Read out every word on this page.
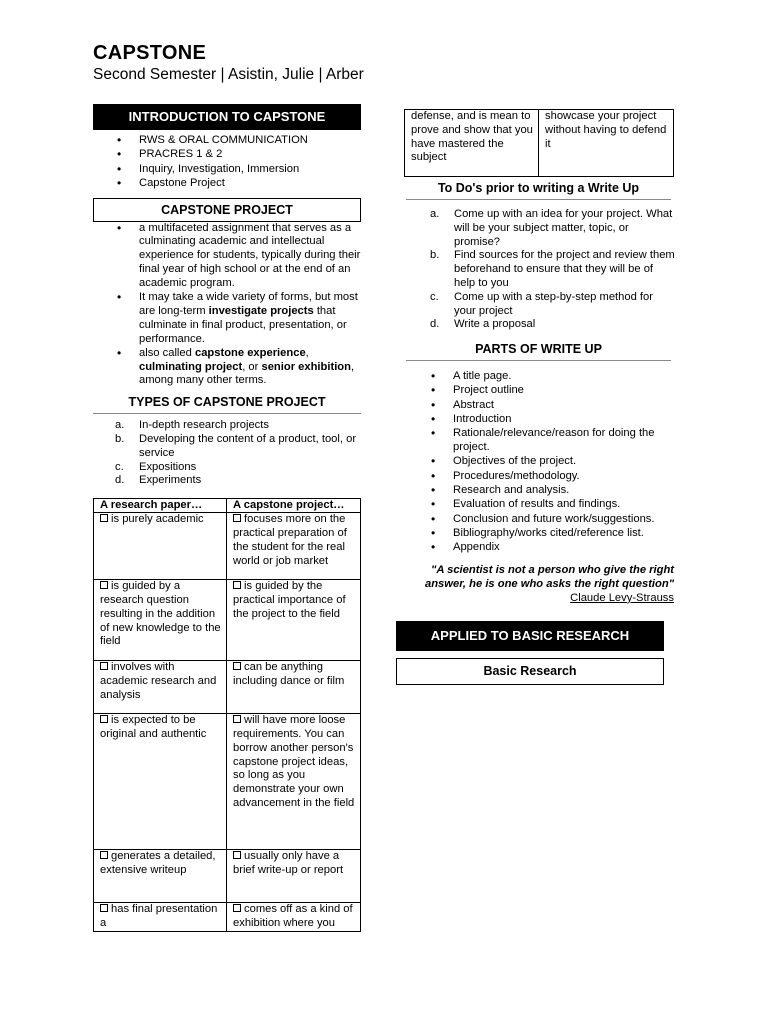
CAPSTONE
Second Semester | Asistin, Julie | Arber
INTRODUCTION TO CAPSTONE
• RWS & ORAL COMMUNICATION
• PRACRES 1 & 2
• Inquiry, Investigation, Immersion
• Capstone Project
CAPSTONE PROJECT
• a multifaceted assignment that serves as a culminating academic and intellectual experience for students, typically during their final year of high school or at the end of an academic program.
• It may take a wide variety of forms, but most are long-term investigate projects that culminate in final product, presentation, or performance.
• also called capstone experience, culminating project, or senior exhibition, among many other terms.
TYPES OF CAPSTONE PROJECT
a. In-depth research projects
b. Developing the content of a product, tool, or service
c. Expositions
d. Experiments
A research paper…	A capstone project…
is purely academic	focuses more on the practical preparation of the student for the real world or job market
is guided by a research question resulting in the addition of new knowledge to the field	is guided by the practical importance of the project to the field
involves with academic research and analysis	can be anything including dance or film
is expected to be original and authentic	will have more loose requirements. You can borrow another person's capstone project ideas, so long as you demonstrate your own advancement in the field
generates a detailed, extensive writeup	usually only have a brief write-up or report
has final presentation a	comes off as a kind of exhibition where you
defense, and is mean to prove and show that you have mastered the subject	showcase your project without having to defend it
To Do's prior to writing a Write Up
a. Come up with an idea for your project. What will be your subject matter, topic, or promise?
b. Find sources for the project and review them beforehand to ensure that they will be of help to you
c. Come up with a step-by-step method for your project
d. Write a proposal
PARTS OF WRITE UP
• A title page.
• Project outline
• Abstract
• Introduction
• Rationale/relevance/reason for doing the project.
• Objectives of the project.
• Procedures/methodology.
• Research and analysis.
• Evaluation of results and findings.
• Conclusion and future work/suggestions.
• Bibliography/works cited/reference list.
• Appendix
"A scientist is not a person who give the right answer, he is one who asks the right question"
Claude Levy-Strauss
APPLIED TO BASIC RESEARCH
Basic Research
